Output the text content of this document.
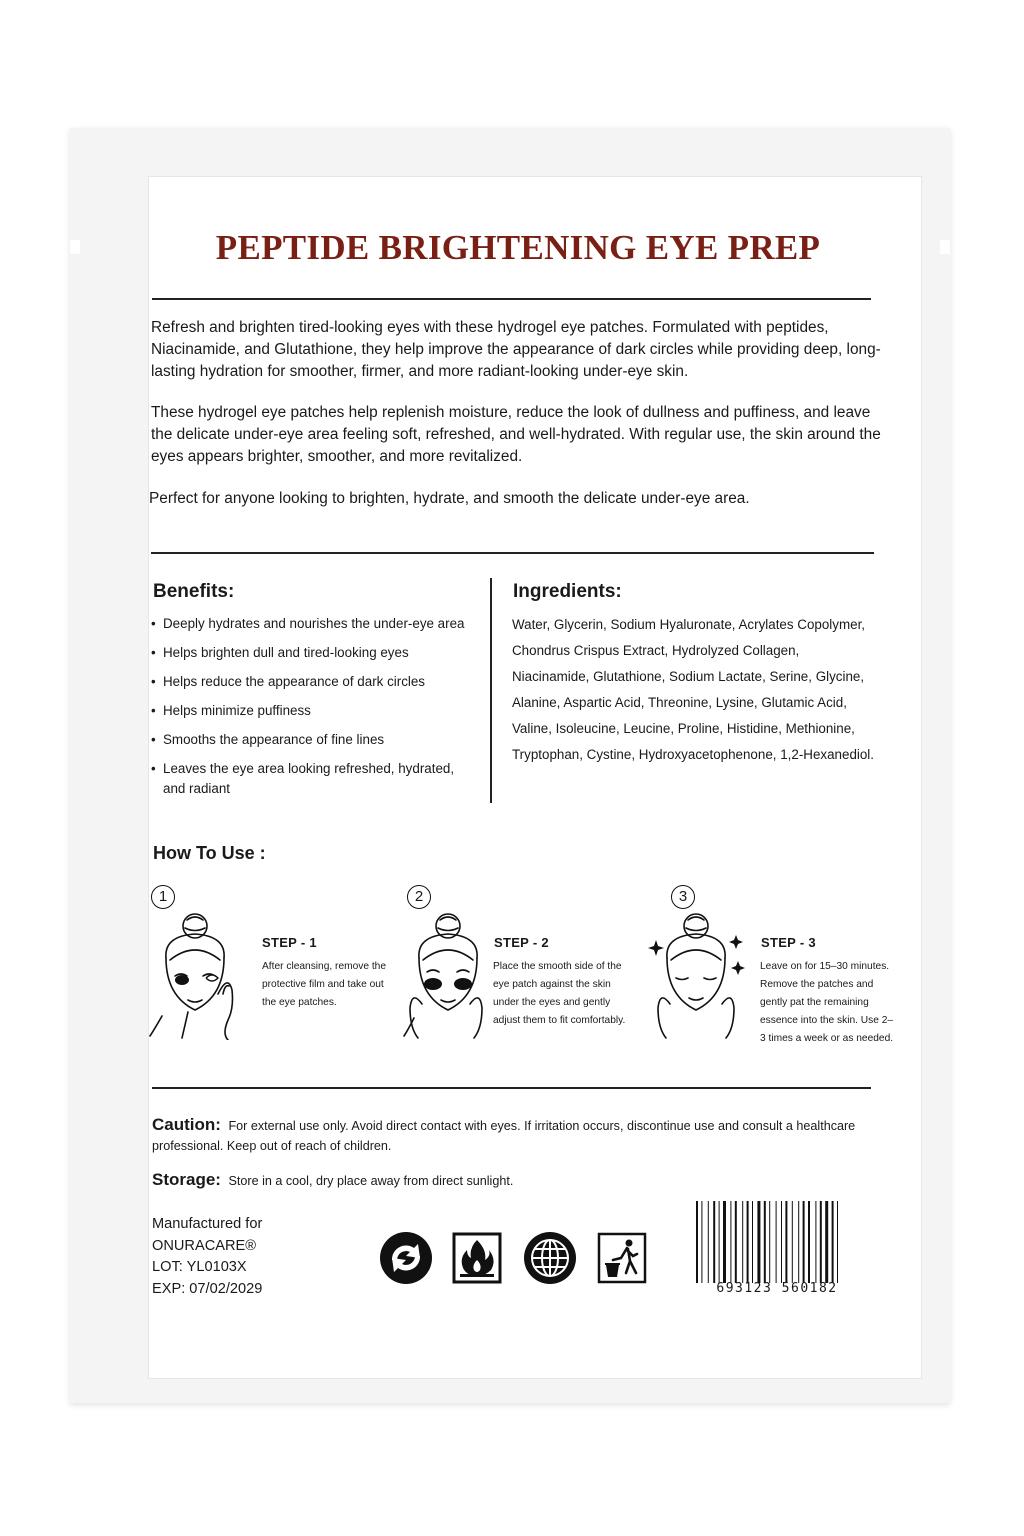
PEPTIDE BRIGHTENING EYE PREP

Refresh and brighten tired-looking eyes with these hydrogel eye patches. Formulated with peptides, Niacinamide, and Glutathione, they help improve the appearance of dark circles while providing deep, long-lasting hydration for smoother, firmer, and more radiant-looking under-eye skin.

These hydrogel eye patches help replenish moisture, reduce the look of dullness and puffiness, and leave the delicate under-eye area feeling soft, refreshed, and well-hydrated. With regular use, the skin around the eyes appears brighter, smoother, and more revitalized.

Perfect for anyone looking to brighten, hydrate, and smooth the delicate under-eye area.

Benefits:
• Deeply hydrates and nourishes the under-eye area
• Helps brighten dull and tired-looking eyes
• Helps reduce the appearance of dark circles
• Helps minimize puffiness
• Smooths the appearance of fine lines
• Leaves the eye area looking refreshed, hydrated, and radiant
Ingredients:

Water, Glycerin, Sodium Hyaluronate, Acrylates Copolymer, Chondrus Crispus Extract, Hydrolyzed Collagen, Niacinamide, Glutathione, Sodium Lactate, Serine, Glycine, Alanine, Aspartic Acid, Threonine, Lysine, Glutamic Acid, Valine, Isoleucine, Leucine, Proline, Histidine, Methionine, Tryptophan, Cystine, Hydroxyacetophenone, 1,2-Hexanediol.

How To Use :
1
STEP - 1

After cleansing, remove the protective film and take out the eye patches.

2
STEP - 2

Place the smooth side of the eye patch against the skin under the eyes and gently adjust them to fit comfortably.

3
STEP - 3

Leave on for 15–30 minutes. Remove the patches and gently pat the remaining essence into the skin. Use 2–3 times a week or as needed.

Caution: For external use only. Avoid direct contact with eyes. If irritation occurs, discontinue use and consult a healthcare professional. Keep out of reach of children.

Storage: Store in a cool, dry place away from direct sunlight.

Manufactured for
ONURACARE®
LOT: YL0103X
EXP: 07/02/2029	693123 560182
